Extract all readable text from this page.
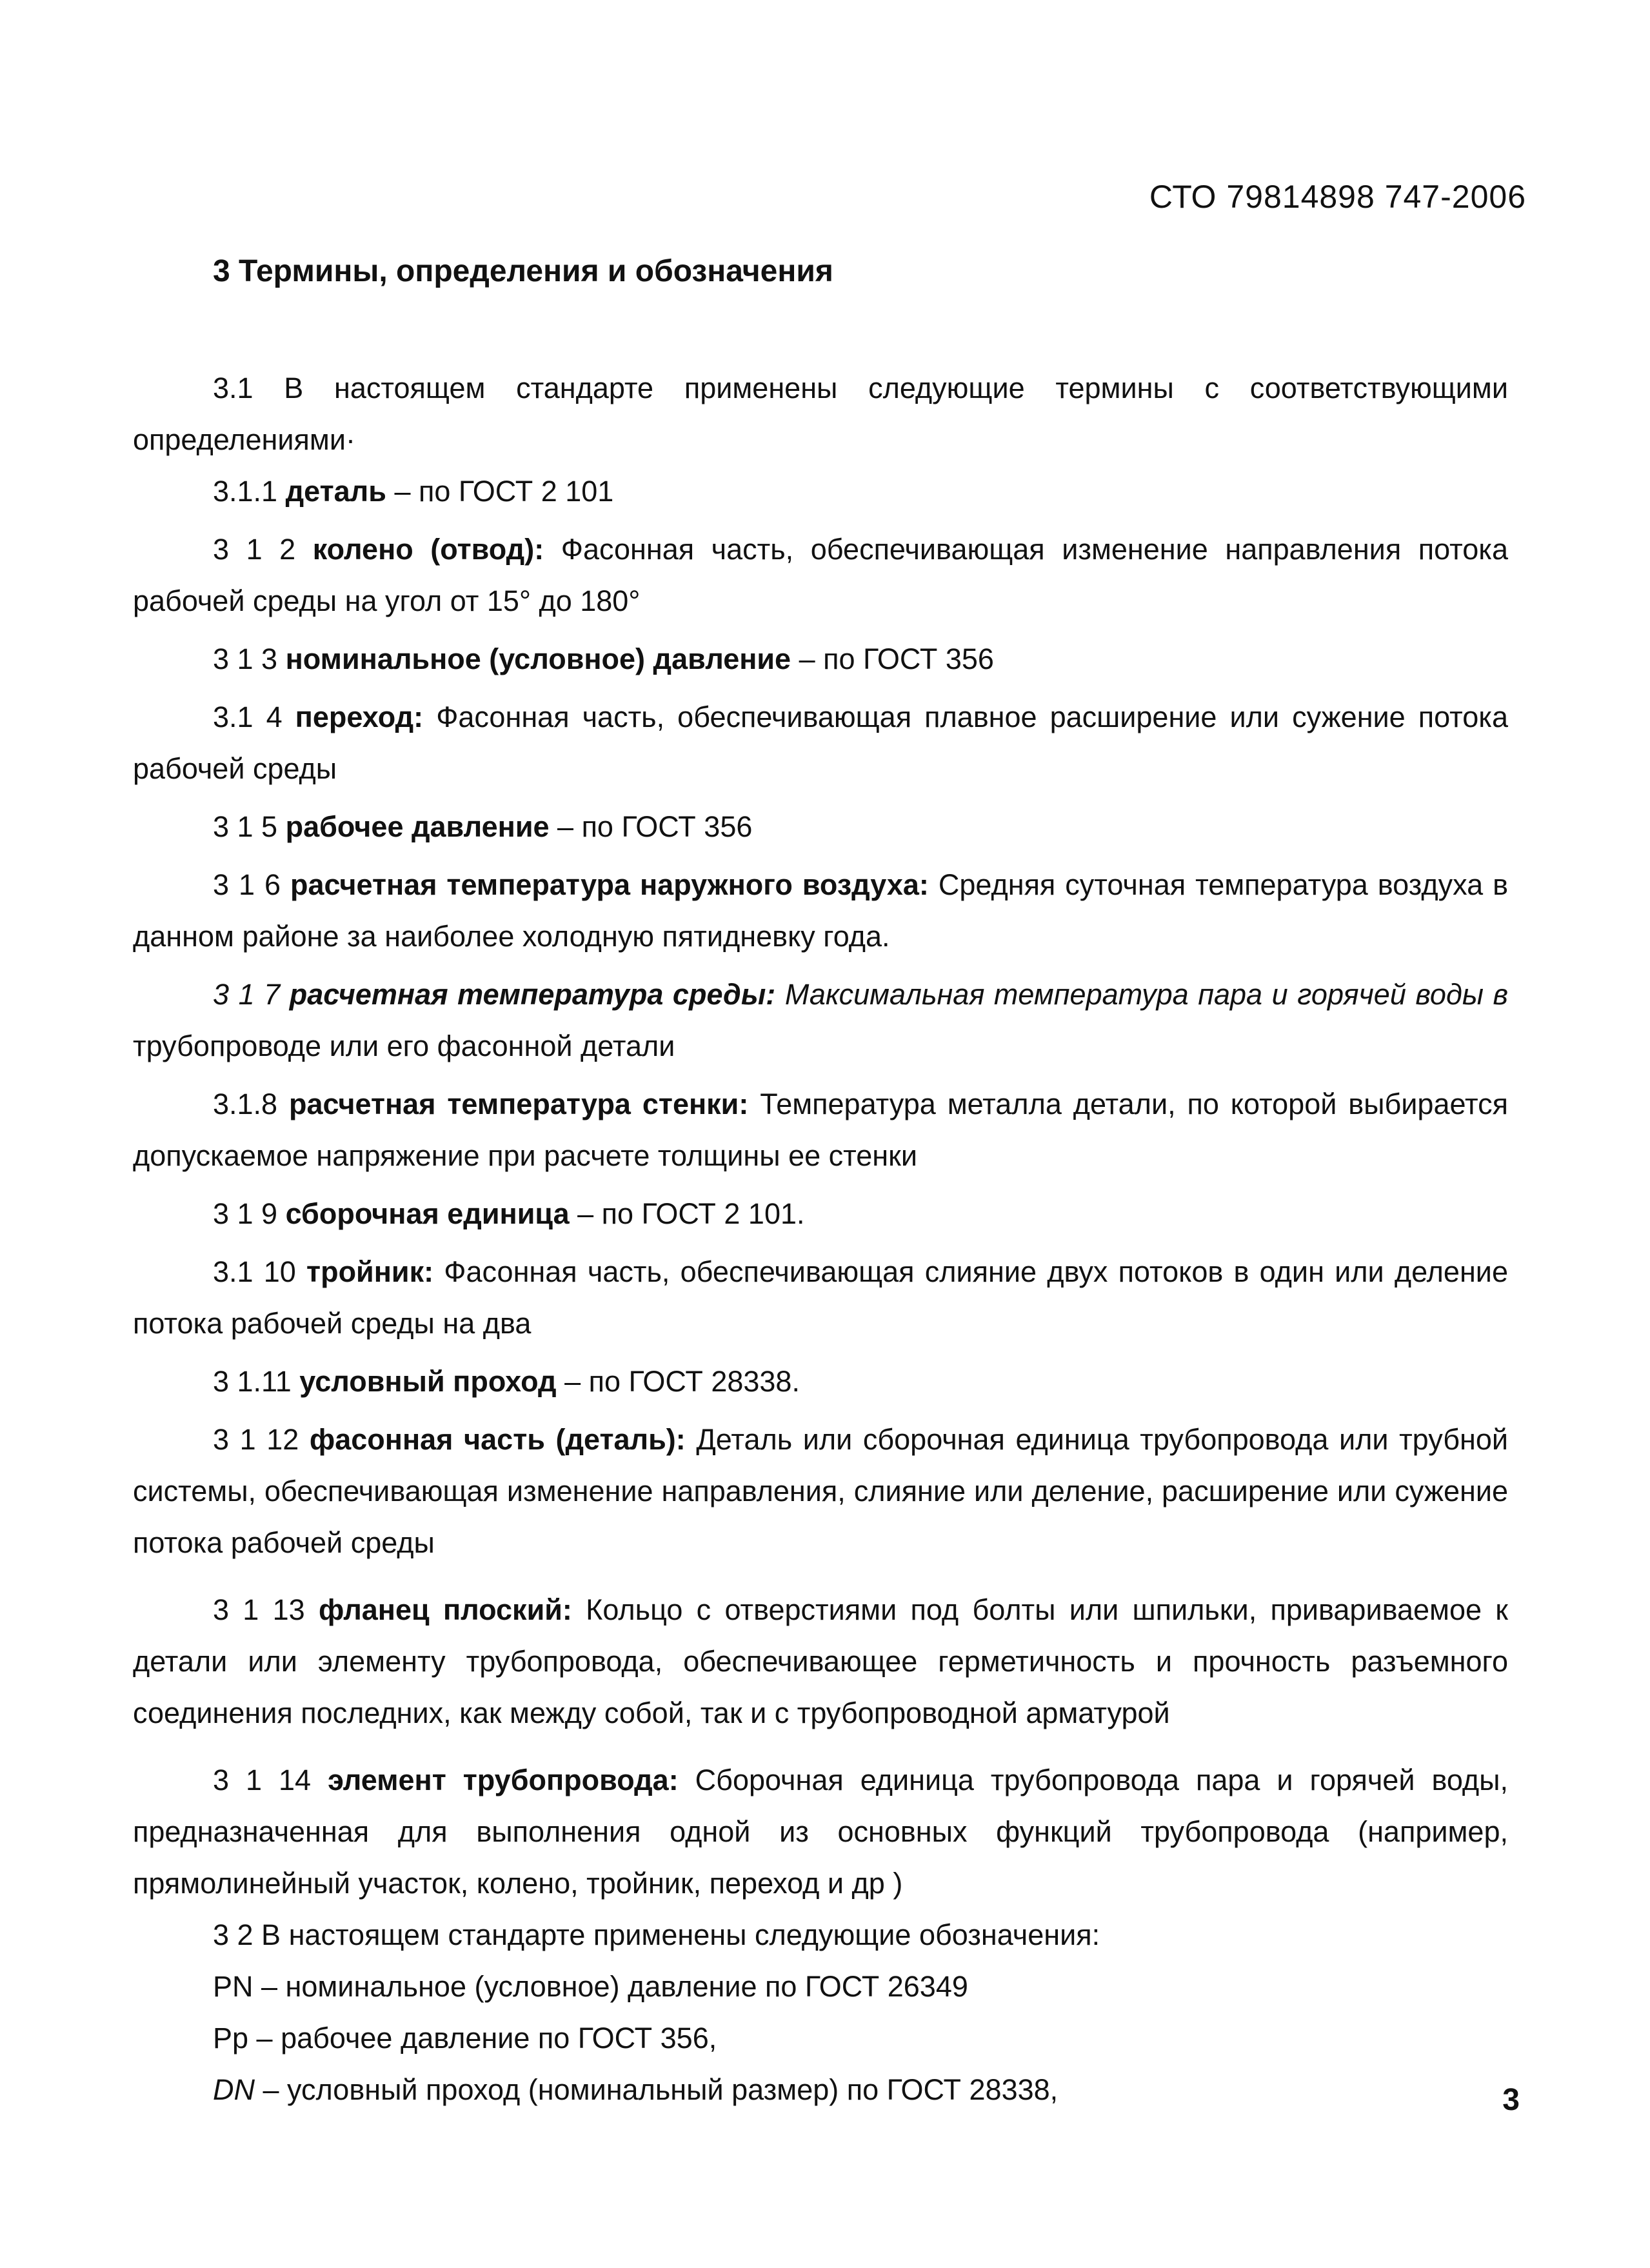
СТО 79814898 747-2006

3 Термины, определения и обозначения

3.1 В настоящем стандарте применены следующие термины с соответствующими определениями·

3.1.1 деталь – по ГОСТ 2 101

3 1 2 колено (отвод): Фасонная часть, обеспечивающая изменение направления потока рабочей среды на угол от 15° до 180°

3 1 3 номинальное (условное) давление – по ГОСТ 356

3.1 4 переход: Фасонная часть, обеспечивающая плавное расширение или сужение потока рабочей среды

3 1 5 рабочее давление – по ГОСТ 356

3 1 6 расчетная температура наружного воздуха: Средняя суточная температура воздуха в данном районе за наиболее холодную пятидневку года.

3 1 7 расчетная температура среды: Максимальная температура пара и горячей воды в трубопроводе или его фасонной детали

3.1.8 расчетная температура стенки: Температура металла детали, по которой выбирается допускаемое напряжение при расчете толщины ее стенки

3 1 9 сборочная единица – по ГОСТ 2 101.

3.1 10 тройник: Фасонная часть, обеспечивающая слияние двух потоков в один или деление потока рабочей среды на два

3 1.11 условный проход – по ГОСТ 28338.

3 1 12 фасонная часть (деталь): Деталь или сборочная единица трубопровода или трубной системы, обеспечивающая изменение направления, слияние или деление, расширение или сужение потока рабочей среды

3 1 13 фланец плоский: Кольцо с отверстиями под болты или шпильки, привариваемое к детали или элементу трубопровода, обеспечивающее герметичность и прочность разъемного соединения последних, как между собой, так и с трубопроводной арматурой

3 1 14 элемент трубопровода: Сборочная единица трубопровода пара и горячей воды, предназначенная для выполнения одной из основных функций трубопровода (например, прямолинейный участок, колено, тройник, переход и др )

3 2 В настоящем стандарте применены следующие обозначения:

PN – номинальное (условное) давление по ГОСТ 26349

Pp – рабочее давление по ГОСТ 356,

DN – условный проход (номинальный размер) по ГОСТ 28338,	3
